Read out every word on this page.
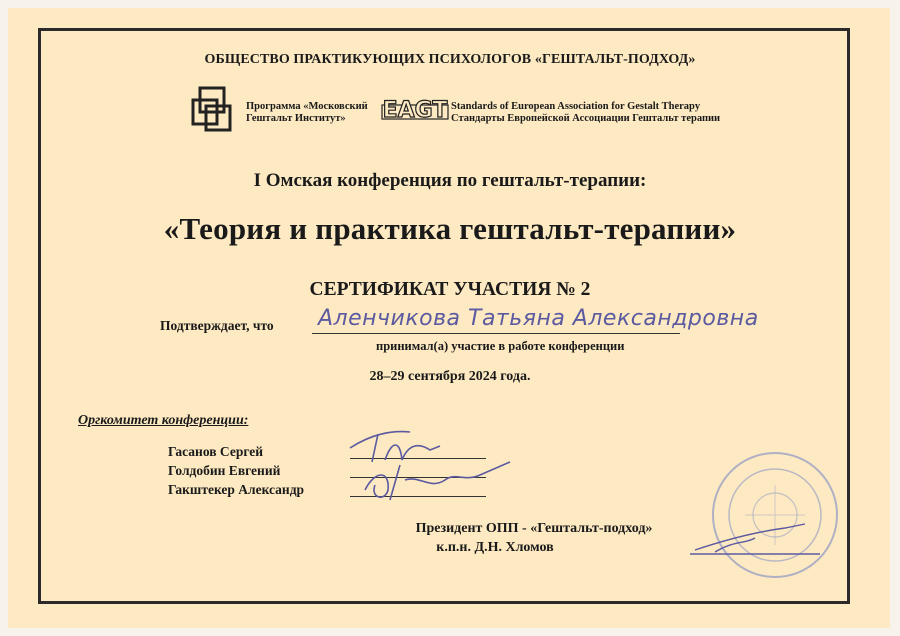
ОБЩЕСТВО ПРАКТИКУЮЩИХ ПСИХОЛОГОВ «ГЕШТАЛЬТ-ПОДХОД»
Программа «Московский
Гештальт Институт»	EAGT Standards of European Association for Gestalt Therapy
Стандарты Европейской Ассоциации Гештальт терапии
I Омская конференция по гештальт-терапии:
«Теория и практика гештальт-терапии»
СЕРТИФИКАТ УЧАСТИЯ № 2
Подтверждает, что Аленчикова Татьяна Александровна
принимал(а) участие в работе конференции
28–29 сентября 2024 года.
Оргкомитет конференции:
Гасанов Сергей
Голдобин Евгений
Гакштекер Александр
Президент ОПП - «Гештальт-подход»
к.п.н. Д.Н. Хломов
